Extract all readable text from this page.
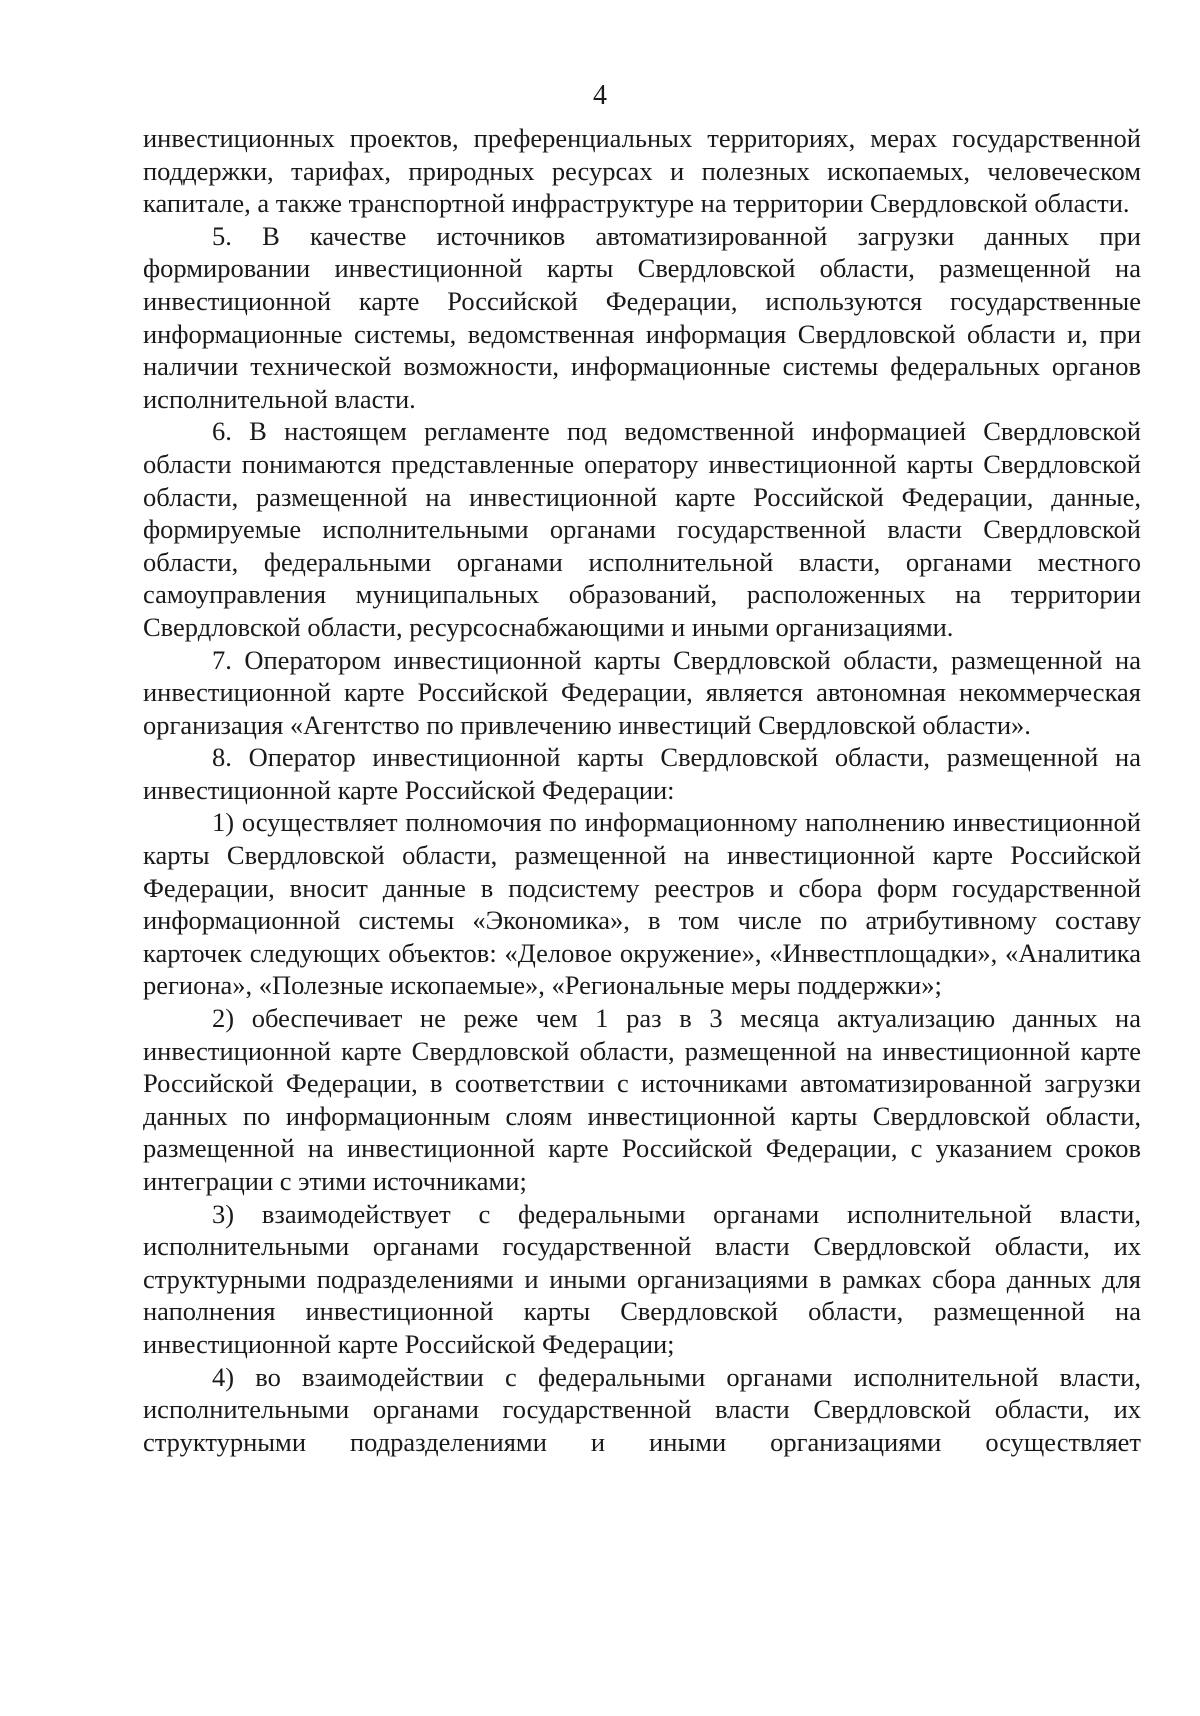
4

инвестиционных проектов, преференциальных территориях, мерах государственной поддержки, тарифах, природных ресурсах и полезных ископаемых, человеческом капитале, а также транспортной инфраструктуре на территории Свердловской области.

5. В качестве источников автоматизированной загрузки данных при формировании инвестиционной карты Свердловской области, размещенной на инвестиционной карте Российской Федерации, используются государственные информационные системы, ведомственная информация Свердловской области и, при наличии технической возможности, информационные системы федеральных органов исполнительной власти.

6. В настоящем регламенте под ведомственной информацией Свердловской области понимаются представленные оператору инвестиционной карты Свердловской области, размещенной на инвестиционной карте Российской Федерации, данные, формируемые исполнительными органами государственной власти Свердловской области, федеральными органами исполнительной власти, органами местного самоуправления муниципальных образований, расположенных на территории Свердловской области, ресурсоснабжающими и иными организациями.

7. Оператором инвестиционной карты Свердловской области, размещенной на инвестиционной карте Российской Федерации, является автономная некоммерческая организация «Агентство по привлечению инвестиций Свердловской области».

8. Оператор инвестиционной карты Свердловской области, размещенной на инвестиционной карте Российской Федерации:

1) осуществляет полномочия по информационному наполнению инвестиционной карты Свердловской области, размещенной на инвестиционной карте Российской Федерации, вносит данные в подсистему реестров и сбора форм государственной информационной системы «Экономика», в том числе по атрибутивному составу карточек следующих объектов: «Деловое окружение», «Инвестплощадки», «Аналитика региона», «Полезные ископаемые», «Региональные меры поддержки»;

2) обеспечивает не реже чем 1 раз в 3 месяца актуализацию данных на инвестиционной карте Свердловской области, размещенной на инвестиционной карте Российской Федерации, в соответствии с источниками автоматизированной загрузки данных по информационным слоям инвестиционной карты Свердловской области, размещенной на инвестиционной карте Российской Федерации, с указанием сроков интеграции с этими источниками;

3) взаимодействует с федеральными органами исполнительной власти, исполнительными органами государственной власти Свердловской области, их структурными подразделениями и иными организациями в рамках сбора данных для наполнения инвестиционной карты Свердловской области, размещенной на инвестиционной карте Российской Федерации;

4) во взаимодействии с федеральными органами исполнительной власти, исполнительными органами государственной власти Свердловской области, их структурными подразделениями и иными организациями осуществляет
